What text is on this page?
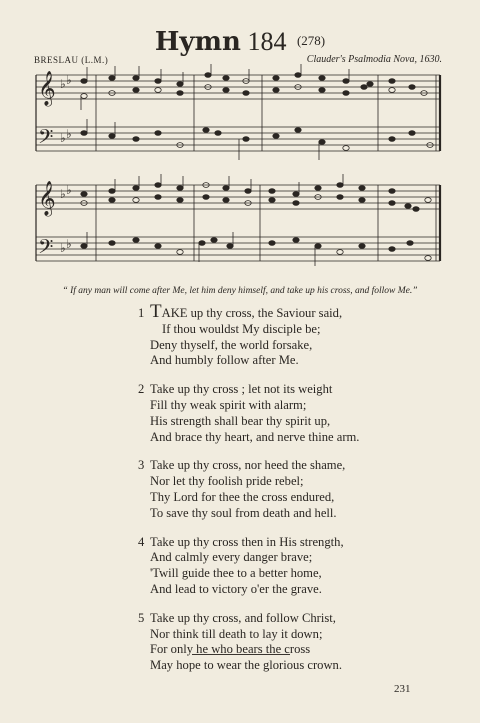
Hymn 184 (278)
BRESLAU (L.M.)	Clauder's Psalmodia Nova, 1630.
𝄞
𝄢
♭ ♭
♭ ♭
𝄞
𝄢
♭ ♭
♭ ♭
“ If any man will come after Me, let him deny himself, and take up his cross, and follow Me.”
1 TAKE up thy cross, the Saviour said,
If thou wouldst My disciple be;
Deny thyself, the world forsake,
And humbly follow after Me.
2 Take up thy cross ; let not its weight
Fill thy weak spirit with alarm;
His strength shall bear thy spirit up,
And brace thy heart, and nerve thine arm.
3 Take up thy cross, nor heed the shame,
Nor let thy foolish pride rebel;
Thy Lord for thee the cross endured,
To save thy soul from death and hell.
4 Take up thy cross then in His strength,
And calmly every danger brave;
'Twill guide thee to a better home,
And lead to victory o'er the grave.
5 Take up thy cross, and follow Christ,
Nor think till death to lay it down;
For only he who bears the cross
May hope to wear the glorious crown.
231
